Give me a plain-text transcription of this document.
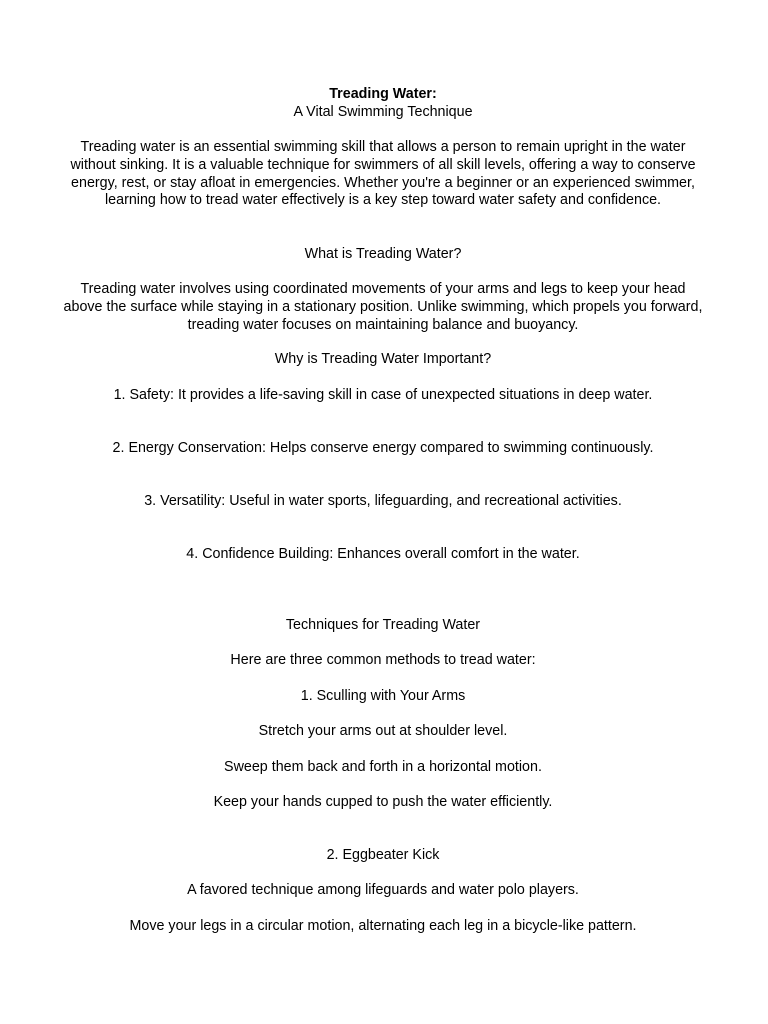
Treading Water:

A Vital Swimming Technique

Treading water is an essential swimming skill that allows a person to remain upright in the water without sinking. It is a valuable technique for swimmers of all skill levels, offering a way to conserve energy, rest, or stay afloat in emergencies. Whether you're a beginner or an experienced swimmer, learning how to tread water effectively is a key step toward water safety and confidence.

What is Treading Water?

Treading water involves using coordinated movements of your arms and legs to keep your head above the surface while staying in a stationary position. Unlike swimming, which propels you forward, treading water focuses on maintaining balance and buoyancy.

Why is Treading Water Important?

1. Safety: It provides a life-saving skill in case of unexpected situations in deep water.

2. Energy Conservation: Helps conserve energy compared to swimming continuously.

3. Versatility: Useful in water sports, lifeguarding, and recreational activities.

4. Confidence Building: Enhances overall comfort in the water.

Techniques for Treading Water

Here are three common methods to tread water:

1. Sculling with Your Arms

Stretch your arms out at shoulder level.

Sweep them back and forth in a horizontal motion.

Keep your hands cupped to push the water efficiently.

2. Eggbeater Kick

A favored technique among lifeguards and water polo players.

Move your legs in a circular motion, alternating each leg in a bicycle-like pattern.
